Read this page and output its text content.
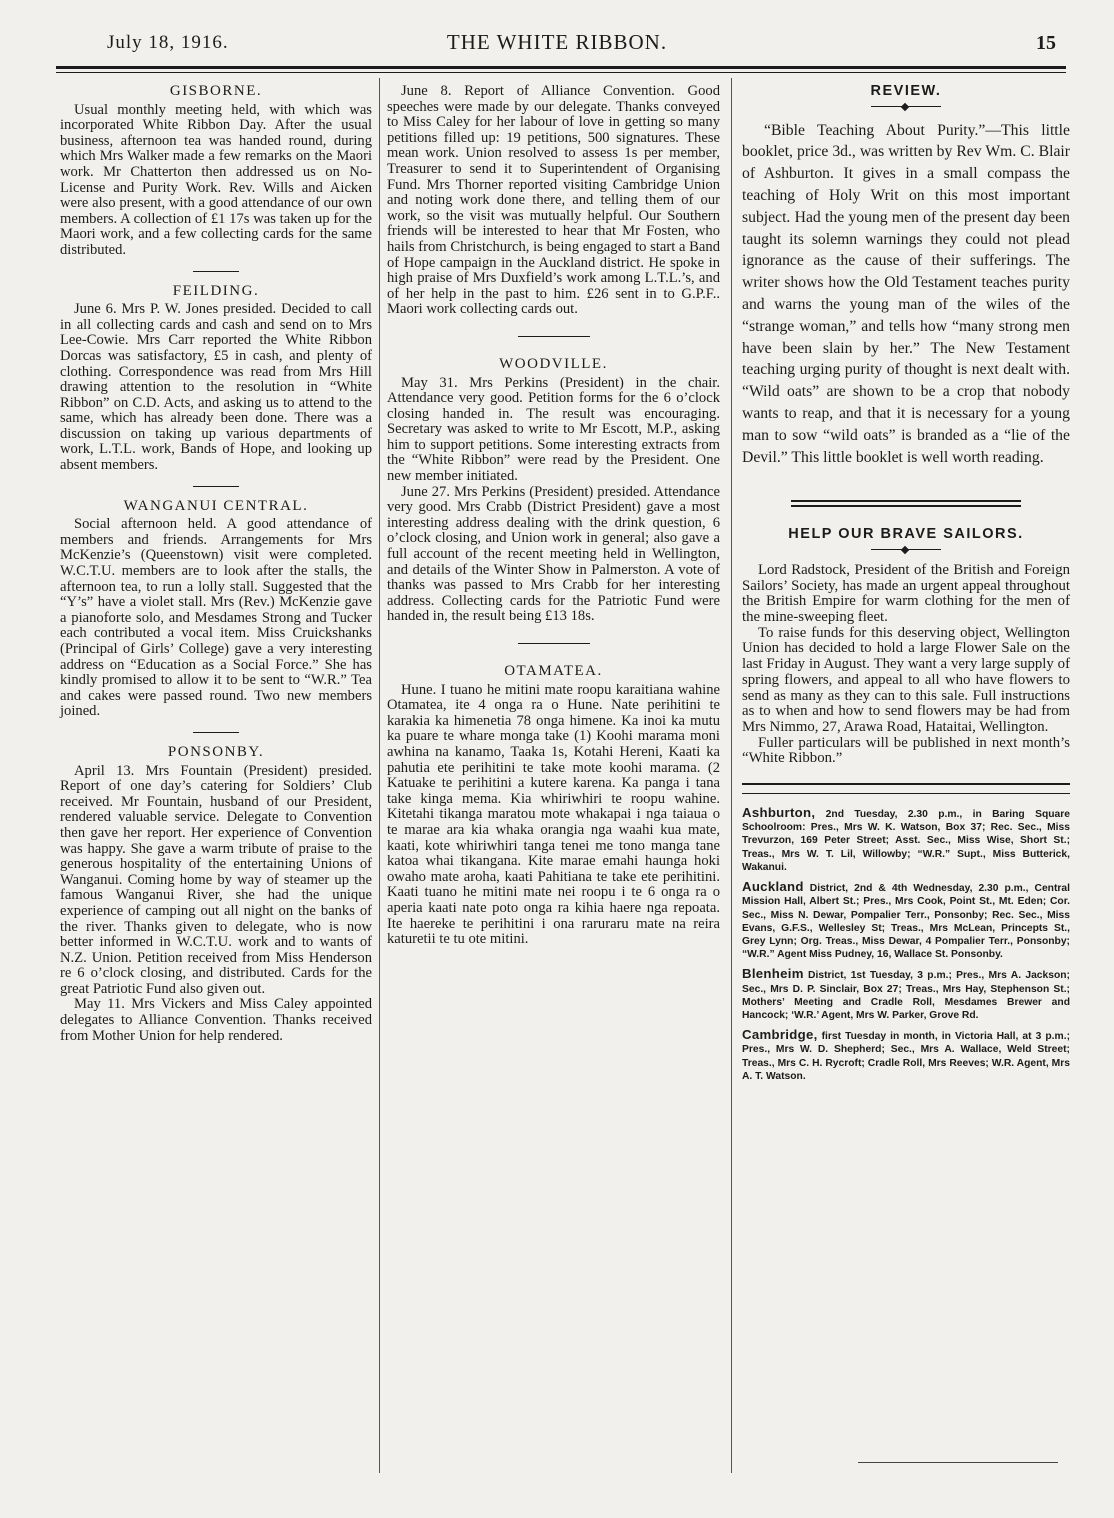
July 18, 1916.	THE WHITE RIBBON.	15
GISBORNE.

Usual monthly meeting held, with which was incorporated White Ribbon Day. After the usual business, afternoon tea was handed round, during which Mrs Walker made a few remarks on the Maori work. Mr Chatterton then addressed us on No-License and Purity Work. Rev. Wills and Aicken were also present, with a good attendance of our own members. A collection of £1 17s was taken up for the Maori work, and a few collecting cards for the same distributed.

FEILDING.

June 6. Mrs P. W. Jones presided. Decided to call in all collecting cards and cash and send on to Mrs Lee-Cowie. Mrs Carr reported the White Ribbon Dorcas was satisfactory, £5 in cash, and plenty of clothing. Correspondence was read from Mrs Hill drawing attention to the resolution in “White Ribbon” on C.D. Acts, and asking us to attend to the same, which has already been done. There was a discussion on taking up various departments of work, L.T.L. work, Bands of Hope, and looking up absent members.

WANGANUI CENTRAL.

Social afternoon held. A good attendance of members and friends. Arrangements for Mrs McKenzie’s (Queenstown) visit were completed. W.C.T.U. members are to look after the stalls, the afternoon tea, to run a lolly stall. Suggested that the “Y’s” have a violet stall. Mrs (Rev.) McKenzie gave a pianoforte solo, and Mesdames Strong and Tucker each contributed a vocal item. Miss Cruickshanks (Principal of Girls’ College) gave a very interesting address on “Education as a Social Force.” She has kindly promised to allow it to be sent to “W.R.” Tea and cakes were passed round. Two new members joined.

PONSONBY.

April 13. Mrs Fountain (President) presided. Report of one day’s catering for Soldiers’ Club received. Mr Fountain, husband of our President, rendered valuable service. Delegate to Convention then gave her report. Her experience of Convention was happy. She gave a warm tribute of praise to the generous hospitality of the entertaining Unions of Wanganui. Coming home by way of steamer up the famous Wanganui River, she had the unique experience of camping out all night on the banks of the river. Thanks given to delegate, who is now better informed in W.C.T.U. work and to wants of N.Z. Union. Petition received from Miss Henderson re 6 o’clock closing, and distributed. Cards for the great Patriotic Fund also given out.

May 11. Mrs Vickers and Miss Caley appointed delegates to Alliance Convention. Thanks received from Mother Union for help rendered.

June 8. Report of Alliance Convention. Good speeches were made by our delegate. Thanks conveyed to Miss Caley for her labour of love in getting so many petitions filled up: 19 petitions, 500 signatures. These mean work. Union resolved to assess 1s per member, Treasurer to send it to Superintendent of Organising Fund. Mrs Thorner reported visiting Cambridge Union and noting work done there, and telling them of our work, so the visit was mutually helpful. Our Southern friends will be interested to hear that Mr Fosten, who hails from Christchurch, is being engaged to start a Band of Hope campaign in the Auckland district. He spoke in high praise of Mrs Duxfield’s work among L.T.L.’s, and of her help in the past to him. £26 sent in to G.P.F.. Maori work collecting cards out.

WOODVILLE.

May 31. Mrs Perkins (President) in the chair. Attendance very good. Petition forms for the 6 o’clock closing handed in. The result was encouraging. Secretary was asked to write to Mr Escott, M.P., asking him to support petitions. Some interesting extracts from the “White Ribbon” were read by the President. One new member initiated.

June 27. Mrs Perkins (President) presided. Attendance very good. Mrs Crabb (District President) gave a most interesting address dealing with the drink question, 6 o’clock closing, and Union work in general; also gave a full account of the recent meeting held in Wellington, and details of the Winter Show in Palmerston. A vote of thanks was passed to Mrs Crabb for her interesting address. Collecting cards for the Patriotic Fund were handed in, the result being £13 18s.

OTAMATEA.

Hune. I tuano he mitini mate roopu karaitiana wahine Otamatea, ite 4 onga ra o Hune. Nate perihitini te karakia ka himenetia 78 onga himene. Ka inoi ka mutu ka puare te whare monga take (1) Koohi marama moni awhina na kanamo, Taaka 1s, Kotahi Hereni, Kaati ka pahutia ete perihitini te take mote koohi marama. (2 Katuake te perihitini a kutere karena. Ka panga i tana take kinga mema. Kia whiriwhiri te roopu wahine. Kitetahi tikanga maratou mote whakapai i nga taiaua o te marae ara kia whaka orangia nga waahi kua mate, kaati, kote whiriwhiri tanga tenei me tono manga tane katoa whai tikangana. Kite marae emahi haunga hoki owaho mate aroha, kaati Pahitiana te take ete perihitini. Kaati tuano he mitini mate nei roopu i te 6 onga ra o aperia kaati nate poto onga ra kihia haere nga repoata. Ite haereke te perihitini i ona raruraru mate na reira katuretii te tu ote mitini.

REVIEW.

“Bible Teaching About Purity.”—This little booklet, price 3d., was written by Rev Wm. C. Blair of Ashburton. It gives in a small compass the teaching of Holy Writ on this most important subject. Had the young men of the present day been taught its solemn warnings they could not plead ignorance as the cause of their sufferings. The writer shows how the Old Testament teaches purity and warns the young man of the wiles of the “strange woman,” and tells how “many strong men have been slain by her.” The New Testament teaching urging purity of thought is next dealt with. “Wild oats” are shown to be a crop that nobody wants to reap, and that it is necessary for a young man to sow “wild oats” is branded as a “lie of the Devil.” This little booklet is well worth reading.

HELP OUR BRAVE SAILORS.

Lord Radstock, President of the British and Foreign Sailors’ Society, has made an urgent appeal throughout the British Empire for warm clothing for the men of the mine-sweeping fleet.

To raise funds for this deserving object, Wellington Union has decided to hold a large Flower Sale on the last Friday in August. They want a very large supply of spring flowers, and appeal to all who have flowers to send as many as they can to this sale. Full instructions as to when and how to send flowers may be had from Mrs Nimmo, 27, Arawa Road, Hataitai, Wellington.

Fuller particulars will be published in next month’s “White Ribbon.”

Ashburton, 2nd Tuesday, 2.30 p.m., in Baring Square Schoolroom: Pres., Mrs W. K. Watson, Box 37; Rec. Sec., Miss Trevurzon, 169 Peter Street; Asst. Sec., Miss Wise, Short St.; Treas., Mrs W. T. Lil, Willowby; “W.R.” Supt., Miss Butterick, Wakanui.

Auckland District, 2nd & 4th Wednesday, 2.30 p.m., Central Mission Hall, Albert St.; Pres., Mrs Cook, Point St., Mt. Eden; Cor. Sec., Miss N. Dewar, Pompalier Terr., Ponsonby; Rec. Sec., Miss Evans, G.F.S., Wellesley St; Treas., Mrs McLean, Princepts St., Grey Lynn; Org. Treas., Miss Dewar, 4 Pompalier Terr., Ponsonby; “W.R.” Agent Miss Pudney, 16, Wallace St. Ponsonby.

Blenheim District, 1st Tuesday, 3 p.m.; Pres., Mrs A. Jackson; Sec., Mrs D. P. Sinclair, Box 27; Treas., Mrs Hay, Stephenson St.; Mothers’ Meeting and Cradle Roll, Mesdames Brewer and Hancock; ‘W.R.’ Agent, Mrs W. Parker, Grove Rd.

Cambridge, first Tuesday in month, in Victoria Hall, at 3 p.m.; Pres., Mrs W. D. Shepherd; Sec., Mrs A. Wallace, Weld Street; Treas., Mrs C. H. Rycroft; Cradle Roll, Mrs Reeves; W.R. Agent, Mrs A. T. Watson.
